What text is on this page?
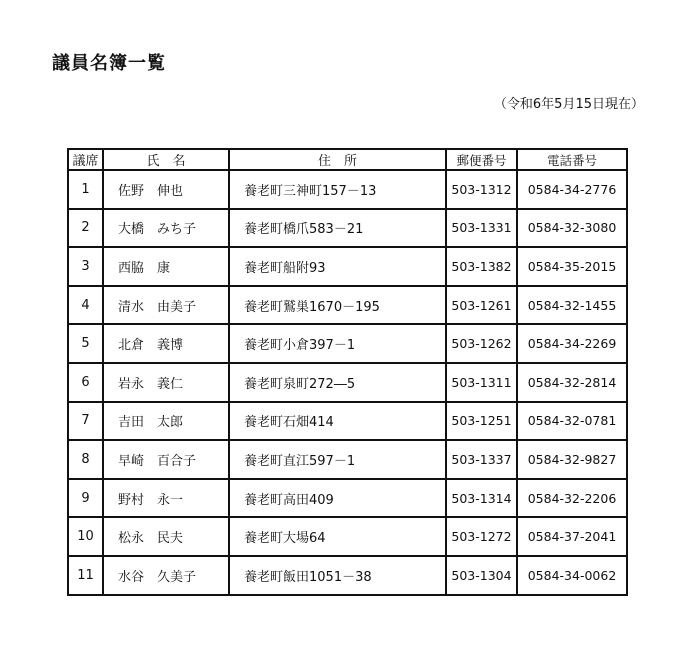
議員名簿一覧
（令和6年5月15日現在）
議席	氏　名	住　所	郵便番号	電話番号
1	佐野　伸也	養老町三神町157－13	503-1312	0584-34-2776
2	大橋　みち子	養老町橋爪583－21	503-1331	0584-32-3080
3	西脇　康	養老町船附93	503-1382	0584-35-2015
4	清水　由美子	養老町鷲巣1670－195	503-1261	0584-32-1455
5	北倉　義博	養老町小倉397－1	503-1262	0584-34-2269
6	岩永　義仁	養老町泉町272―5	503-1311	0584-32-2814
7	吉田　太郎	養老町石畑414	503-1251	0584-32-0781
8	早崎　百合子	養老町直江597－1	503-1337	0584-32-9827
9	野村　永一	養老町高田409	503-1314	0584-32-2206
10	松永　民夫	養老町大場64	503-1272	0584-37-2041
11	水谷　久美子	養老町飯田1051－38	503-1304	0584-34-0062
